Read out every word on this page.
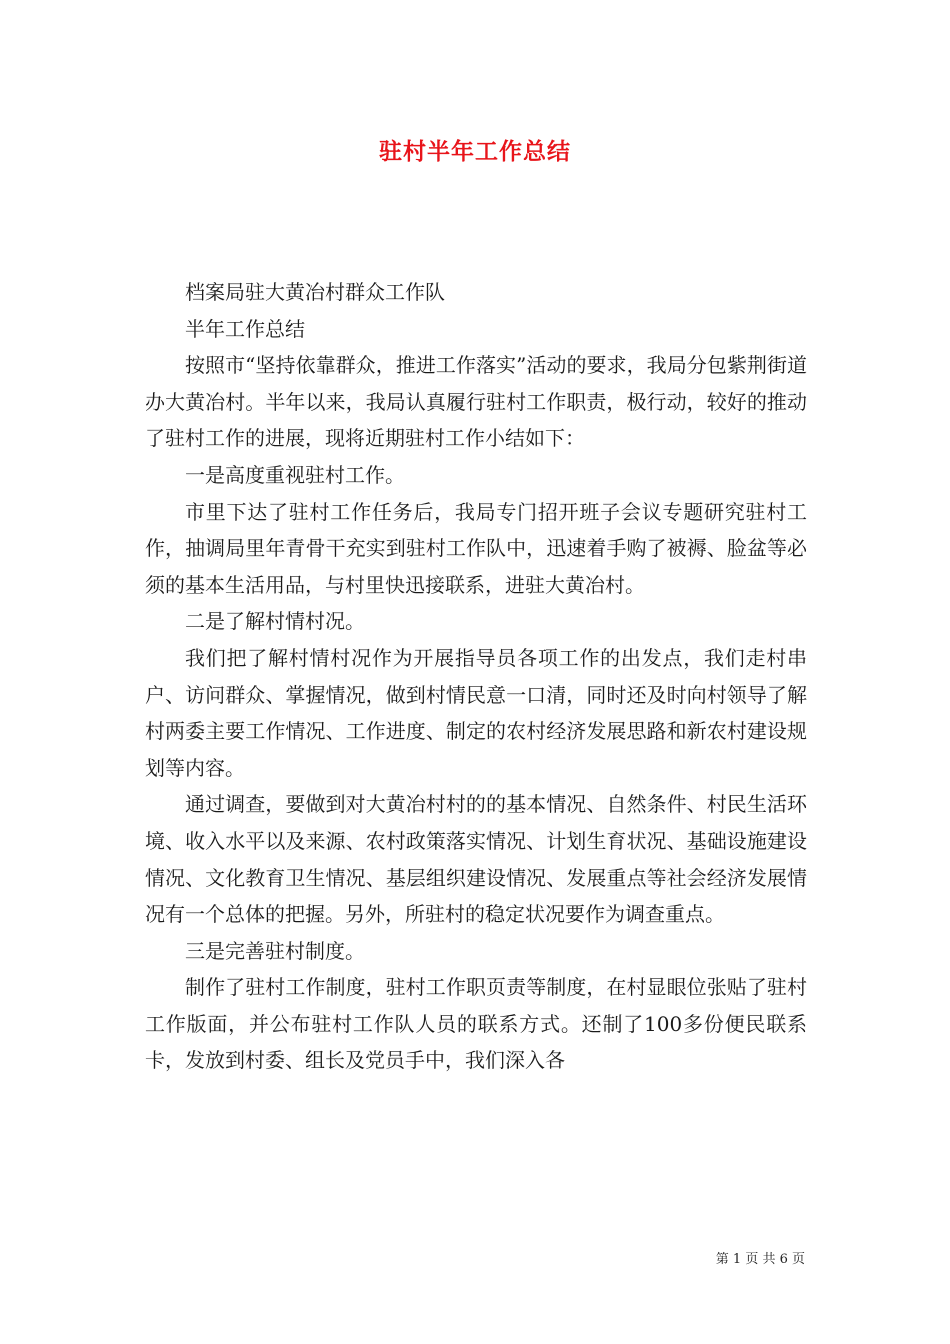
驻村半年工作总结

档案局驻大黄冶村群众工作队

半年工作总结

按照市“坚持依靠群众，推进工作落实”活动的要求，我局分包紫荆街道办大黄冶村。半年以来，我局认真履行驻村工作职责，极行动，较好的推动了驻村工作的进展，现将近期驻村工作小结如下：

一是高度重视驻村工作。

市里下达了驻村工作任务后，我局专门招开班子会议专题研究驻村工作，抽调局里年青骨干充实到驻村工作队中，迅速着手购了被褥、脸盆等必须的基本生活用品，与村里快迅接联系，进驻大黄冶村。

二是了解村情村况。

我们把了解村情村况作为开展指导员各项工作的出发点，我们走村串户、访问群众、掌握情况，做到村情民意一口清，同时还及时向村领导了解村两委主要工作情况、工作进度、制定的农村经济发展思路和新农村建设规划等内容。

通过调查，要做到对大黄冶村村的的基本情况、自然条件、村民生活环境、收入水平以及来源、农村政策落实情况、计划生育状况、基础设施建设情况、文化教育卫生情况、基层组织建设情况、发展重点等社会经济发展情况有一个总体的把握。另外，所驻村的稳定状况要作为调查重点。

三是完善驻村制度。

制作了驻村工作制度，驻村工作职页责等制度，在村显眼位张贴了驻村工作版面，并公布驻村工作队人员的联系方式。还制了100多份便民联系卡，发放到村委、组长及党员手中，我们深入各

第 1 页 共 6 页
